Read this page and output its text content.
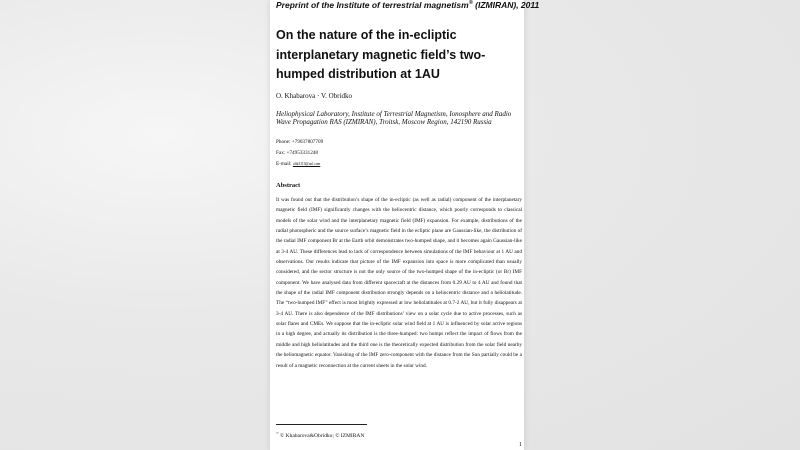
Preprint of the Institute of terrestrial magnetism® (IZMIRAN), 2011
On the nature of the in-ecliptic interplanetary magnetic field’s two-humped distribution at 1AU
O. Khabarova · V. Obridko
Heliophysical Laboratory, Institute of Terrestrial Magnetism, Ionosphere and Radio Wave Propagation RAS (IZMIRAN), Troitsk, Moscow Region, 142190 Russia
Phone: +79037807709
Fax: +74953331248
E-mail: olik3110@aol.com
Abstract
It was found out that the distribution’s shape of the in-ecliptic (as well as radial) component of the interplanetary magnetic field (IMF) significantly changes with the heliocentric distance, which poorly corresponds to classical models of the solar wind and the interplanetary magnetic field (IMF) expansion. For example, distributions of the radial photospheric and the source surface’s magnetic field in the ecliptic plane are Gaussian-like, the distribution of the radial IMF component Br at the Earth orbit demonstrates two-humped shape, and it becomes again Gaussian-like at 3-4 AU. These differences lead to lack of correspondence between simulations of the IMF behaviour at 1 AU and observations. Our results indicate that picture of the IMF expansion into space is more complicated than usually considered, and the sector structure is not the only source of the two-humped shape of the in-ecliptic (or Br) IMF component. We have analysed data from different spacecraft at the distances from 0.29 AU to 4 AU and found that the shape of the radial IMF component distribution strongly depends on a heliocentric distance and a heliolatitude. The “two-humped IMF” effect is most brightly expressed at low heliolatitudes at 0.7-2 AU, but it fully disappears at 3-4 AU. There is also dependence of the IMF distributions’ view on a solar cycle due to active processes, such as solar flares and CMEs. We suppose that the in-ecliptic solar wind field at 1 AU is influenced by solar active regions in a high degree, and actually its distribution is the three-humped: two humps reflect the impact of flows from the middle and high heliolatitudes and the third one is the theoretically expected distribution from the solar field nearby the heliomagnetic equator. Vanishing of the IMF zero-component with the distance from the Sun partially could be a result of a magnetic reconnection at the current sheets in the solar wind.
® © Khabarova&Obridko; © IZMIRAN
1
